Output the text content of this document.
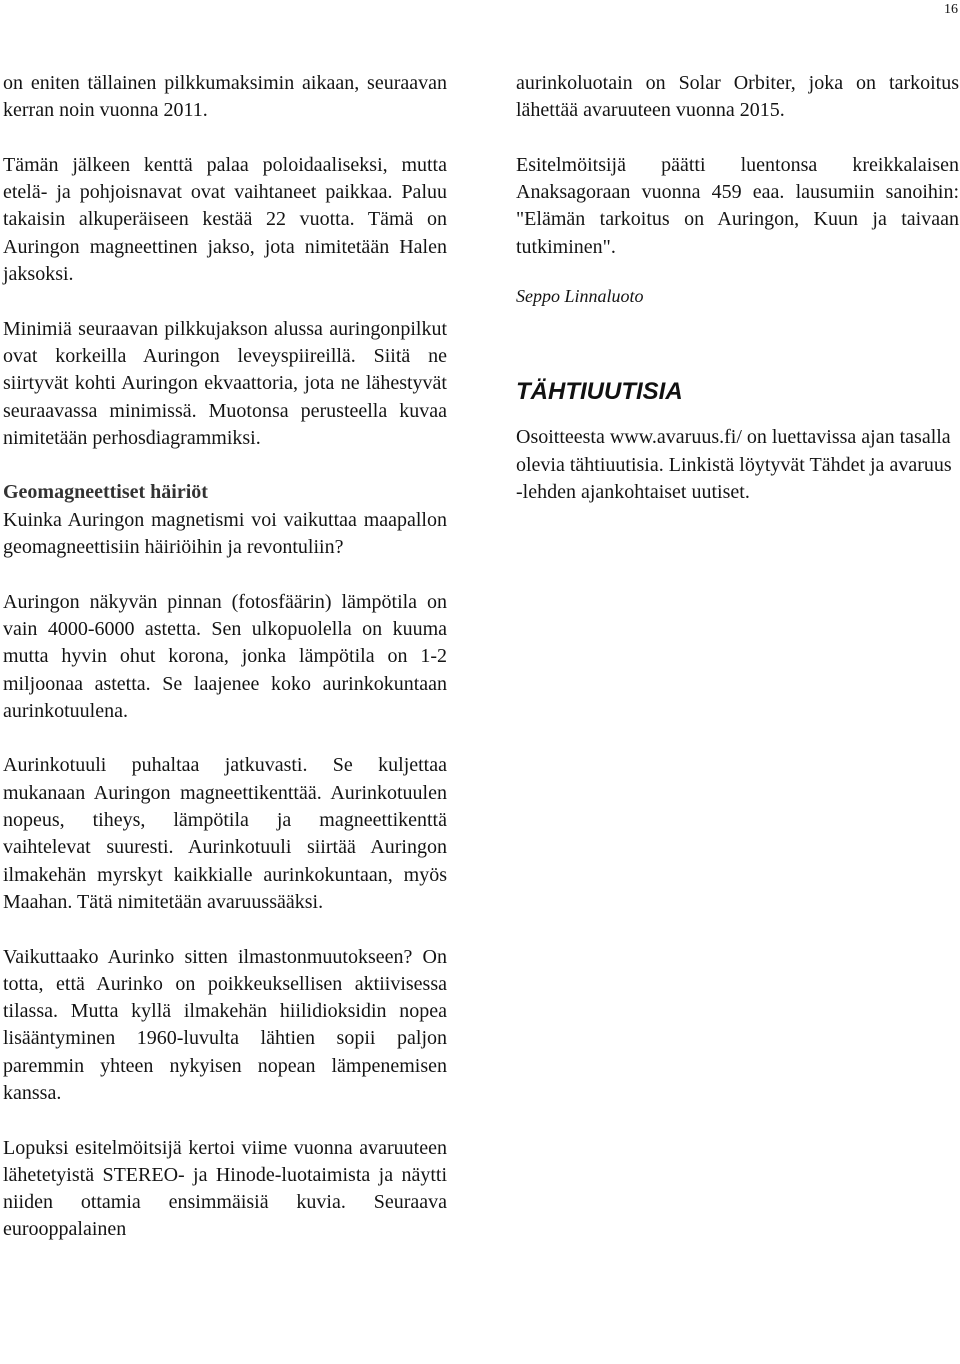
16

on eniten tällainen pilkkumaksimin aikaan, seuraavan kerran noin vuonna 2011.

Tämän jälkeen kenttä palaa poloidaaliseksi, mutta etelä- ja pohjoisnavat ovat vaihtaneet paikkaa. Paluu takaisin alkuperäiseen kestää 22 vuotta. Tämä on Auringon magneettinen jakso, jota nimitetään Halen jaksoksi.

Minimiä seuraavan pilkkujakson alussa auringonpilkut ovat korkeilla Auringon leveyspiireillä. Siitä ne siirtyvät kohti Auringon ekvaattoria, jota ne lähestyvät seuraavassa minimissä. Muotonsa perusteella kuvaa nimitetään perhosdiagrammiksi.

Geomagneettiset häiriöt

Kuinka Auringon magnetismi voi vaikuttaa maapallon geomagneettisiin häiriöihin ja revontuliin?

Auringon näkyvän pinnan (fotosfäärin) lämpötila on vain 4000-6000 astetta. Sen ulkopuolella on kuuma mutta hyvin ohut korona, jonka lämpötila on 1-2 miljoonaa astetta. Se laajenee koko aurinkokuntaan aurinkotuulena.

Aurinkotuuli puhaltaa jatkuvasti. Se kuljettaa mukanaan Auringon magneettikenttää. Aurinkotuulen nopeus, tiheys, lämpötila ja magneettikenttä vaihtelevat suuresti. Aurinkotuuli siirtää Auringon ilmakehän myrskyt kaikkialle aurinkokuntaan, myös Maahan. Tätä nimitetään avaruussääksi.

Vaikuttaako Aurinko sitten ilmastonmuutokseen? On totta, että Aurinko on poikkeuksellisen aktiivisessa tilassa. Mutta kyllä ilmakehän hiilidioksidin nopea lisääntyminen 1960-luvulta lähtien sopii paljon paremmin yhteen nykyisen nopean lämpenemisen kanssa.

Lopuksi esitelmöitsijä kertoi viime vuonna avaruuteen lähetetyistä STEREO- ja Hinode-luotaimista ja näytti niiden ottamia ensimmäisiä kuvia. Seuraava eurooppalainen

aurinkoluotain on Solar Orbiter, joka on tarkoitus lähettää avaruuteen vuonna 2015.

Esitelmöitsijä päätti luentonsa kreikkalaisen Anaksagoraan vuonna 459 eaa. lausumiin sanoihin: "Elämän tarkoitus on Auringon, Kuun ja taivaan tutkiminen".

Seppo Linnaluoto

TÄHTIUUTISIA

Osoitteesta www.avaruus.fi/ on luettavissa ajan tasalla olevia tähtiuutisia. Linkistä löytyvät Tähdet ja avaruus -lehden ajankohtaiset uutiset.
